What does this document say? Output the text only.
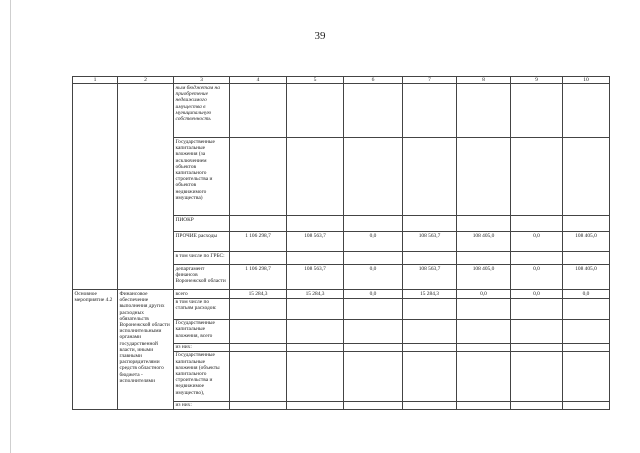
39
1	2	3	4	5	6	7	8	9	10
		ным бюджетам на приобретение недвижимого имущества в муниципальную собственность							
		Государственные капитальные вложения (за исключением объектов капитального строительства и объектов недвижимого имущества)							
		ПИОКР							
		ПРОЧИЕ расходы	1 106 298,7	108 563,7	0,0	108 563,7	108 405,0	0,0	108 405,0
		в том числе по ГРБС:							
		департамент финансов Воронежской области	1 106 298,7	108 563,7	0,0	108 563,7	108 405,0	0,0	108 405,0
Основное мероприятие 4.2	Финансовое обеспечение выполнения других расходных обязательств Воронежской области исполнительными органами государственной власти, иными главными распорядителями средств областного бюджета - исполнителями	всего	15 284,3	15 284,3	0,0	15 284,3	0,0	0,0	0,0
		в том числе по статьям расходов:							
		Государственные капитальные вложения, всего							
		из них:							
		Государственные капитальные вложения (объекты капитального строительства и недвижимое имущество),							
		из них:							
